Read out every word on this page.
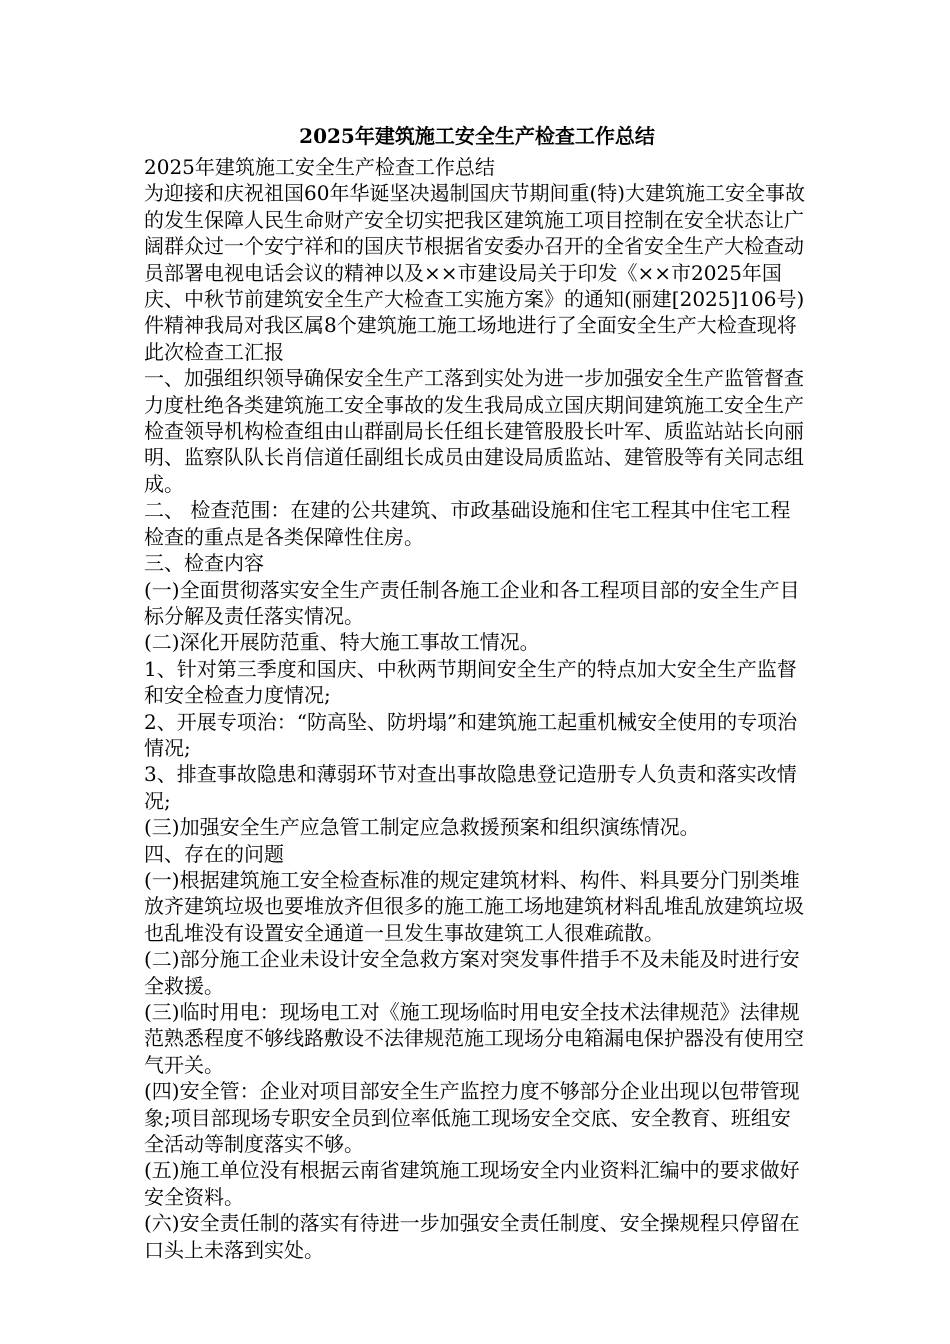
2025年建筑施工安全生产检查工作总结

2025年建筑施工安全生产检查工作总结

为迎接和庆祝祖国60年华诞坚决遏制国庆节期间重(特)大建筑施工安全事故的发生保障人民生命财产安全切实把我区建筑施工项目控制在安全状态让广阔群众过一个安宁祥和的国庆节根据省安委办召开的全省安全生产大检查动员部署电视电话会议的精神以及××市建设局关于印发《××市2025年国庆、中秋节前建筑安全生产大检查工实施方案》的通知(丽建[2025]106号)件精神我局对我区属8个建筑施工施工场地进行了全面安全生产大检查现将此次检查工汇报

一、加强组织领导确保安全生产工落到实处为进一步加强安全生产监管督查力度杜绝各类建筑施工安全事故的发生我局成立国庆期间建筑施工安全生产检查领导机构检查组由山群副局长任组长建管股股长叶军、质监站站长向丽明、监察队队长肖信道任副组长成员由建设局质监站、建管股等有关同志组成。

二、 检查范围：在建的公共建筑、市政基础设施和住宅工程其中住宅工程检查的重点是各类保障性住房。

三、检查内容

(一)全面贯彻落实安全生产责任制各施工企业和各工程项目部的安全生产目标分解及责任落实情况。

(二)深化开展防范重、特大施工事故工情况。

1、针对第三季度和国庆、中秋两节期间安全生产的特点加大安全生产监督和安全检查力度情况;

2、开展专项治：“防高坠、防坍塌”和建筑施工起重机械安全使用的专项治情况;

3、排查事故隐患和薄弱环节对查出事故隐患登记造册专人负责和落实改情况;

(三)加强安全生产应急管工制定应急救援预案和组织演练情况。

四、存在的问题

(一)根据建筑施工安全检查标准的规定建筑材料、构件、料具要分门别类堆放齐建筑垃圾也要堆放齐但很多的施工施工场地建筑材料乱堆乱放建筑垃圾也乱堆没有设置安全通道一旦发生事故建筑工人很难疏散。

(二)部分施工企业未设计安全急救方案对突发事件措手不及未能及时进行安全救援。

(三)临时用电：现场电工对《施工现场临时用电安全技术法律规范》法律规范熟悉程度不够线路敷设不法律规范施工现场分电箱漏电保护器没有使用空气开关。

(四)安全管：企业对项目部安全生产监控力度不够部分企业出现以包带管现象;项目部现场专职安全员到位率低施工现场安全交底、安全教育、班组安全活动等制度落实不够。

(五)施工单位没有根据云南省建筑施工现场安全内业资料汇编中的要求做好安全资料。

(六)安全责任制的落实有待进一步加强安全责任制度、安全操规程只停留在口头上未落到实处。
